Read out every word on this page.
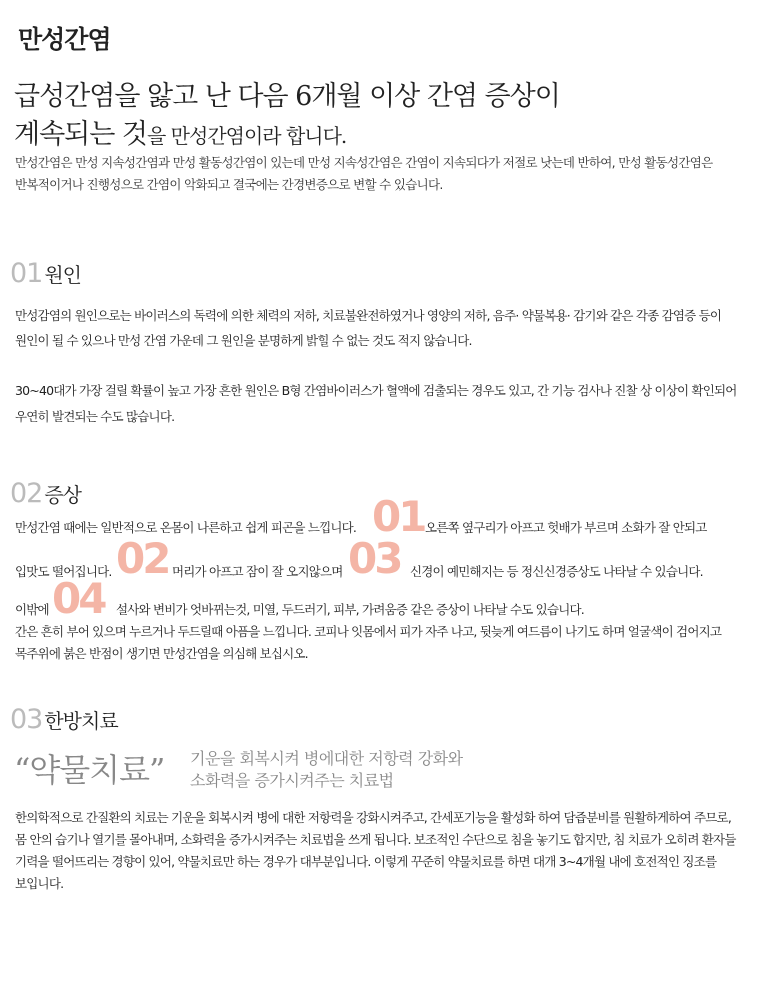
만성간염
급성간염을 앓고 난 다음 6개월 이상 간염 증상이
계속되는 것을 만성간염이라 합니다.
만성간염은 만성 지속성간염과 만성 활동성간염이 있는데 만성 지속성간염은 간염이 지속되다가 저절로 낫는데 반하여, 만성 활동성간염은
반복적이거나 진행성으로 간염이 악화되고 결국에는 간경변증으로 변할 수 있습니다.
01 원인
만성감염의 원인으로는 바이러스의 독력에 의한 체력의 저하, 치료불완전하였거나 영양의 저하, 음주· 약물복용· 감기와 같은 각종 감염증 등이
원인이 될 수 있으나 만성 간염 가운데 그 원인을 분명하게 밝힐 수 없는 것도 적지 않습니다.
30~40대가 가장 걸릴 확률이 높고 가장 흔한 원인은 B형 간염바이러스가 혈액에 검출되는 경우도 있고, 간 기능 검사나 진찰 상 이상이 확인되어
우연히 발견되는 수도 많습니다.
02 증상
만성간염 때에는 일반적으로 온몸이 나른하고 쉽게 피곤을 느낍니다. 01 오른쪽 옆구리가 아프고 헛배가 부르며 소화가 잘 안되고
입맛도 떨어집니다. 02 머리가 아프고 잠이 잘 오지않으며 03 신경이 예민해지는 등 정신신경증상도 나타날 수 있습니다.
이밖에 04 설사와 변비가 엇바뀌는것, 미열, 두드러기, 피부, 가려움증 같은 증상이 나타날 수도 있습니다.
간은 흔히 부어 있으며 누르거나 두드릴때 아픔을 느낍니다. 코피나 잇몸에서 피가 자주 나고, 뒷늦게 여드름이 나기도 하며 얼굴색이 검어지고
목주위에 붉은 반점이 생기면 만성간염을 의심해 보십시오.
03 한방치료
“약물치료” 기운을 회복시켜 병에대한 저항력 강화와
소화력을 증가시켜주는 치료법
한의학적으로 간질환의 치료는 기운을 회복시켜 병에 대한 저항력을 강화시켜주고, 간세포기능을 활성화 하여 담즙분비를 원활하게하여 주므로,
몸 안의 습기나 열기를 몰아내며, 소화력을 증가시켜주는 치료법을 쓰게 됩니다. 보조적인 수단으로 침을 놓기도 합지만, 침 치료가 오히려 환자들
기력을 떨어뜨리는 경향이 있어, 약물치료만 하는 경우가 대부분입니다. 이렇게 꾸준히 약물치료를 하면 대개 3~4개월 내에 호전적인 징조를
보입니다.
